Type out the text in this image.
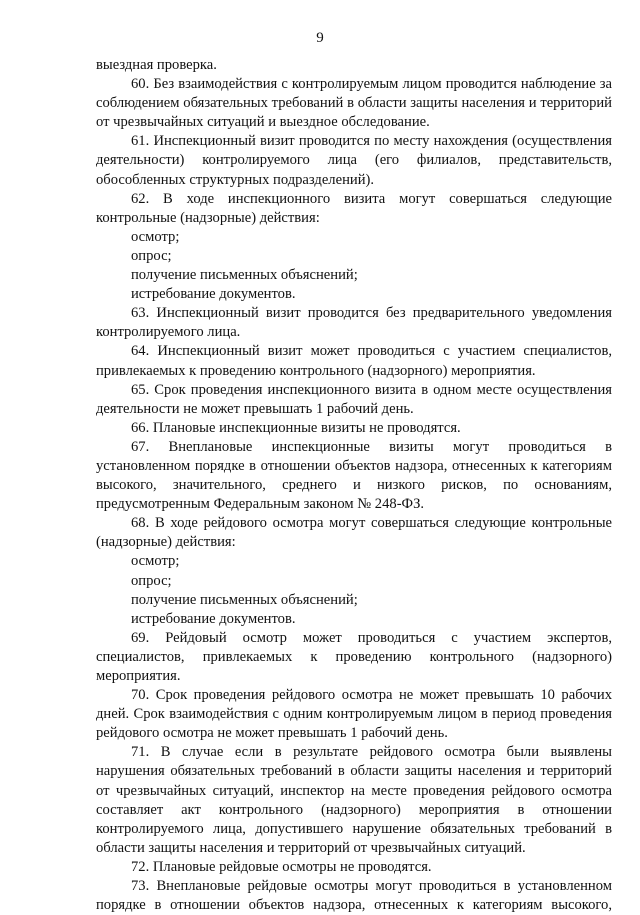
9

выездная проверка.

60. Без взаимодействия с контролируемым лицом проводится наблюдение за соблюдением обязательных требований в области защиты населения и территорий от чрезвычайных ситуаций и выездное обследование.

61. Инспекционный визит проводится по месту нахождения (осуществления деятельности) контролируемого лица (его филиалов, представительств, обособленных структурных подразделений).

62. В ходе инспекционного визита могут совершаться следующие контрольные (надзорные) действия:

осмотр;

опрос;

получение письменных объяснений;

истребование документов.

63. Инспекционный визит проводится без предварительного уведомления контролируемого лица.

64. Инспекционный визит может проводиться с участием специалистов, привлекаемых к проведению контрольного (надзорного) мероприятия.

65. Срок проведения инспекционного визита в одном месте осуществления деятельности не может превышать 1 рабочий день.

66. Плановые инспекционные визиты не проводятся.

67. Внеплановые инспекционные визиты могут проводиться в установленном порядке в отношении объектов надзора, отнесенных к категориям высокого, значительного, среднего и низкого рисков, по основаниям, предусмотренным Федеральным законом № 248-ФЗ.

68. В ходе рейдового осмотра могут совершаться следующие контрольные (надзорные) действия:

осмотр;

опрос;

получение письменных объяснений;

истребование документов.

69. Рейдовый осмотр может проводиться с участием экспертов, специалистов, привлекаемых к проведению контрольного (надзорного) мероприятия.

70. Срок проведения рейдового осмотра не может превышать 10 рабочих дней. Срок взаимодействия с одним контролируемым лицом в период проведения рейдового осмотра не может превышать 1 рабочий день.

71. В случае если в результате рейдового осмотра были выявлены нарушения обязательных требований в области защиты населения и территорий от чрезвычайных ситуаций, инспектор на месте проведения рейдового осмотра составляет акт контрольного (надзорного) мероприятия в отношении контролируемого лица, допустившего нарушение обязательных требований в области защиты населения и территорий от чрезвычайных ситуаций.

72. Плановые рейдовые осмотры не проводятся.

73. Внеплановые рейдовые осмотры могут проводиться в установленном порядке в отношении объектов надзора, отнесенных к категориям высокого,
